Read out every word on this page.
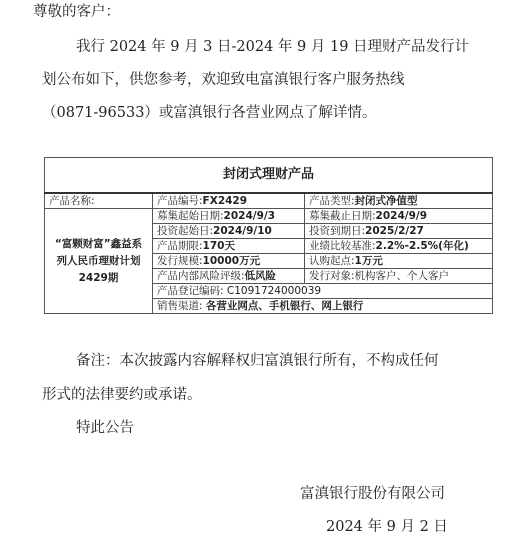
尊敬的客户：
我行 2024 年 9 月 3 日-2024 年 9 月 19 日理财产品发行计
划公布如下，供您参考，欢迎致电富滇银行客户服务热线
（0871-96533）或富滇银行各营业网点了解详情。
封闭式理财产品		
产品名称:	产品编号:FX2429	产品类型:封闭式净值型
“富颗财富”鑫益系列人民币理财计划2429期	募集起始日期:2024/9/3	募集截止日期:2024/9/9
	投资起始日:2024/9/10	投资到期日:2025/2/27
	产品期限:170天	业绩比较基准:2.2%-2.5%(年化)
	发行规模:10000万元	认购起点:1万元
	产品内部风险评级:低风险	发行对象:机构客户、个人客户
	产品登记编码: C1091724000039	
	销售渠道: 各营业网点、手机银行、网上银行	
备注：本次披露内容解释权归富滇银行所有，不构成任何
形式的法律要约或承诺。
特此公告
富滇银行股份有限公司
2024 年 9 月 2 日
